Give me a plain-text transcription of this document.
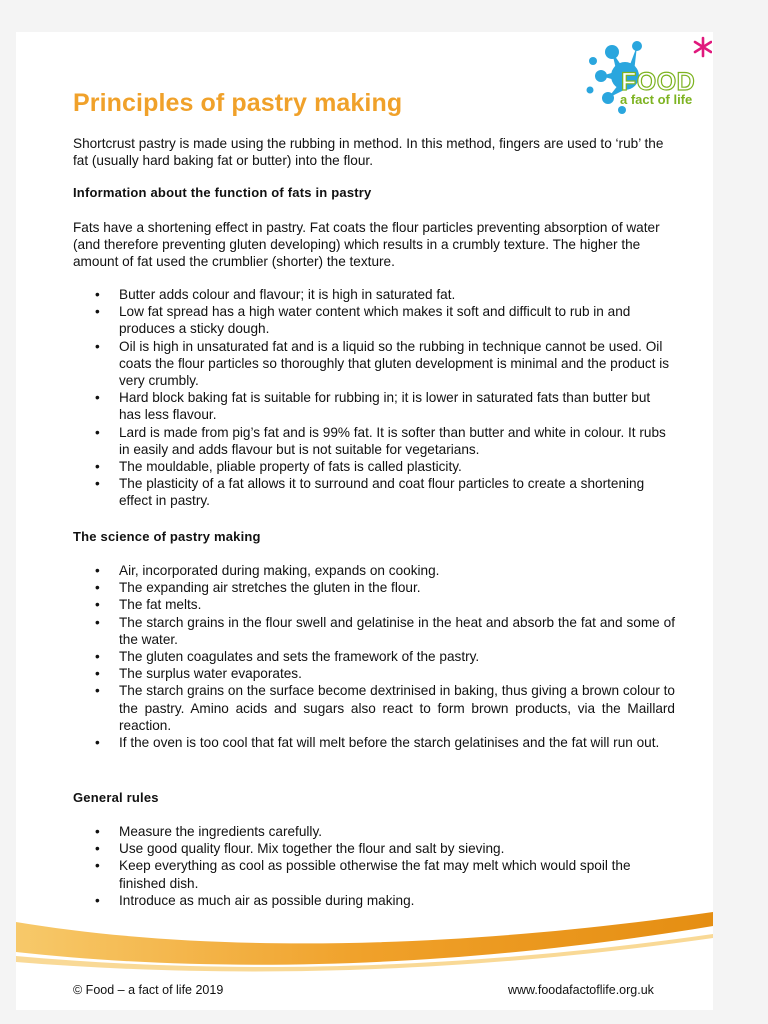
FOOD
a fact of life
Principles of pastry making

Shortcrust pastry is made using the rubbing in method. In this method, fingers are used to ‘rub’ the fat (usually hard baking fat or butter) into the flour.

Information about the function of fats in pastry

Fats have a shortening effect in pastry. Fat coats the flour particles preventing absorption of water (and therefore preventing gluten developing) which results in a crumbly texture. The higher the amount of fat used the crumblier (shorter) the texture.

• Butter adds colour and flavour; it is high in saturated fat.
• Low fat spread has a high water content which makes it soft and difficult to rub in and produces a sticky dough.
• Oil is high in unsaturated fat and is a liquid so the rubbing in technique cannot be used. Oil coats the flour particles so thoroughly that gluten development is minimal and the product is very crumbly.
• Hard block baking fat is suitable for rubbing in; it is lower in saturated fats than butter but has less flavour.
• Lard is made from pig’s fat and is 99% fat. It is softer than butter and white in colour. It rubs in easily and adds flavour but is not suitable for vegetarians.
• The mouldable, pliable property of fats is called plasticity.
• The plasticity of a fat allows it to surround and coat flour particles to create a shortening effect in pastry.
The science of pastry making
• Air, incorporated during making, expands on cooking.
• The expanding air stretches the gluten in the flour.
• The fat melts.
• The starch grains in the flour swell and gelatinise in the heat and absorb the fat and some of the water.
• The gluten coagulates and sets the framework of the pastry.
• The surplus water evaporates.
• The starch grains on the surface become dextrinised in baking, thus giving a brown colour to the pastry. Amino acids and sugars also react to form brown products, via the Maillard reaction.
• If the oven is too cool that fat will melt before the starch gelatinises and the fat will run out.
General rules
• Measure the ingredients carefully.
• Use good quality flour. Mix together the flour and salt by sieving.
• Keep everything as cool as possible otherwise the fat may melt which would spoil the finished dish.
• Introduce as much air as possible during making.
© Food – a fact of life 2019	www.foodafactoflife.org.uk
